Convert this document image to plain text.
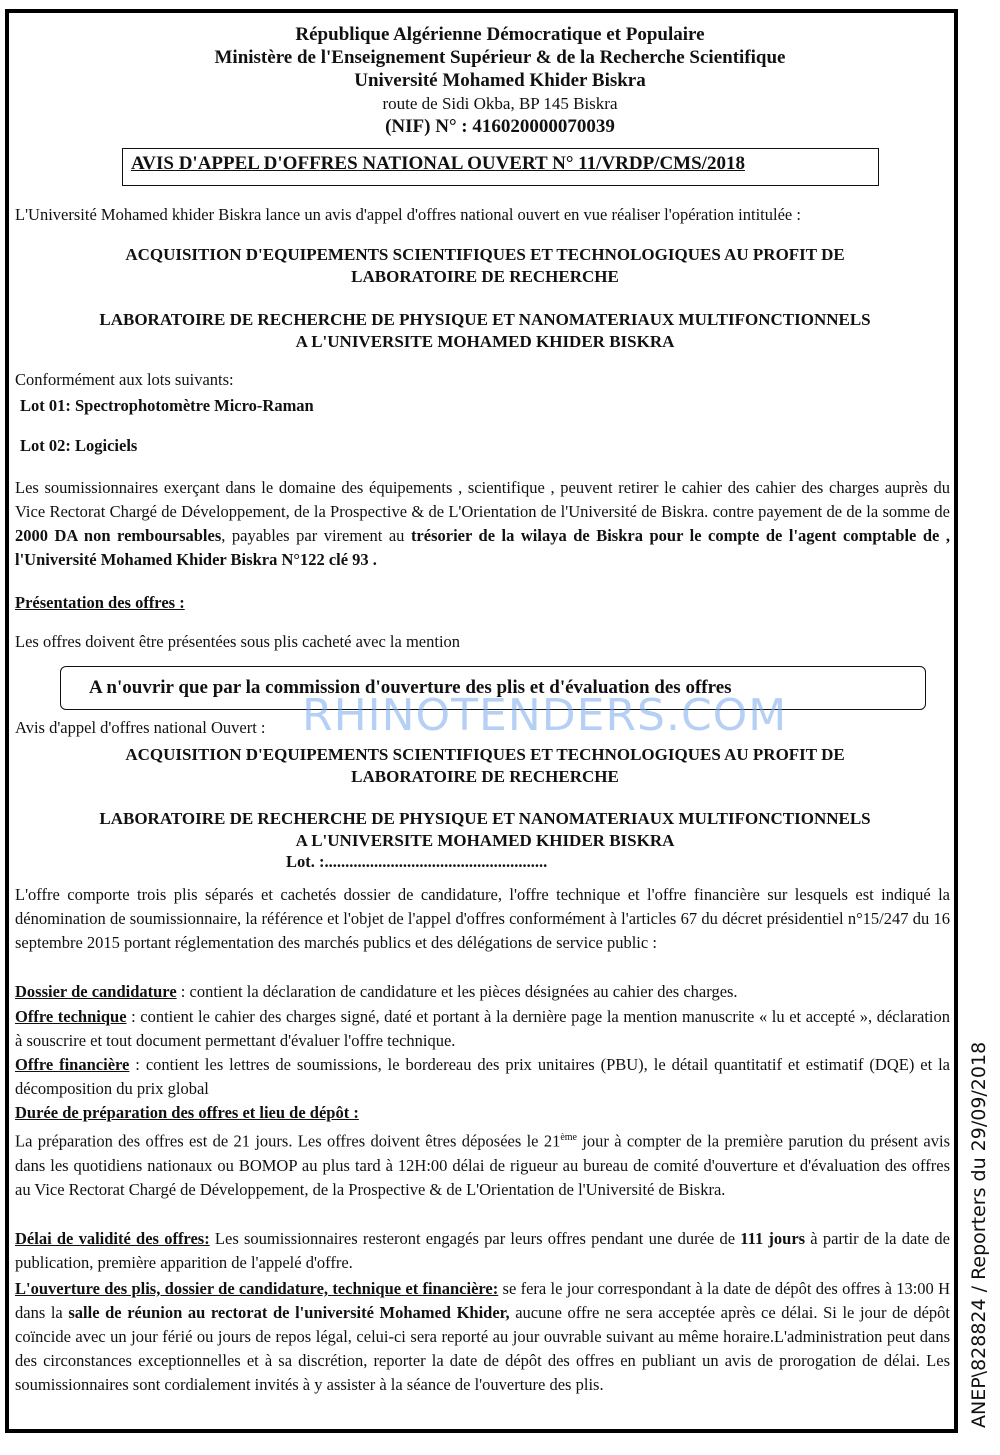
République Algérienne Démocratique et Populaire
Ministère de l'Enseignement Supérieur & de la Recherche Scientifique
Université Mohamed Khider Biskra
route de Sidi Okba, BP 145 Biskra
(NIF) N° : 416020000070039
AVIS D'APPEL D'OFFRES NATIONAL OUVERT N° 11/VRDP/CMS/2018
L'Université Mohamed khider Biskra lance un avis d'appel d'offres national ouvert en vue réaliser l'opération intitulée :
ACQUISITION D'EQUIPEMENTS SCIENTIFIQUES ET TECHNOLOGIQUES AU PROFIT DE
LABORATOIRE DE RECHERCHE
LABORATOIRE DE RECHERCHE DE PHYSIQUE ET NANOMATERIAUX MULTIFONCTIONNELS
A L'UNIVERSITE MOHAMED KHIDER BISKRA
Conformément aux lots suivants:
Lot 01: Spectrophotomètre Micro-Raman
Lot 02: Logiciels
Les soumissionnaires exerçant dans le domaine des équipements , scientifique , peuvent retirer le cahier des cahier des charges auprès du Vice Rectorat Chargé de Développement, de la Prospective & de L'Orientation de l'Université de Biskra. contre payement de de la somme de 2000 DA non remboursables, payables par virement au trésorier de la wilaya de Biskra pour le compte de l'agent comptable de , l'Université Mohamed Khider Biskra N°122 clé 93 .
Présentation des offres :
Les offres doivent être présentées sous plis cacheté avec la mention
A n'ouvrir que par la commission d'ouverture des plis et d'évaluation des offres
Avis d'appel d'offres national Ouvert :
ACQUISITION D'EQUIPEMENTS SCIENTIFIQUES ET TECHNOLOGIQUES AU PROFIT DE
LABORATOIRE DE RECHERCHE
LABORATOIRE DE RECHERCHE DE PHYSIQUE ET NANOMATERIAUX MULTIFONCTIONNELS
A L'UNIVERSITE MOHAMED KHIDER BISKRA
Lot. :......................................................
RHINOTENDERS.COM
L'offre comporte trois plis séparés et cachetés dossier de candidature, l'offre technique et l'offre financière sur lesquels est indiqué la dénomination de soumissionnaire, la référence et l'objet de l'appel d'offres conformément à l'articles 67 du décret présidentiel n°15/247 du 16 septembre 2015 portant réglementation des marchés publics et des délégations de service public :
Dossier de candidature : contient la déclaration de candidature et les pièces désignées au cahier des charges.
Offre technique : contient le cahier des charges signé, daté et portant à la dernière page la mention manuscrite « lu et accepté », déclaration à souscrire et tout document permettant d'évaluer l'offre technique.
Offre financière : contient les lettres de soumissions, le bordereau des prix unitaires (PBU), le détail quantitatif et estimatif (DQE) et la décomposition du prix global
Durée de préparation des offres et lieu de dépôt :
La préparation des offres est de 21 jours. Les offres doivent êtres déposées le 21ème jour à compter de la première parution du présent avis dans les quotidiens nationaux ou BOMOP au plus tard à 12H:00 délai de rigueur au bureau de comité d'ouverture et d'évaluation des offres au Vice Rectorat Chargé de Développement, de la Prospective & de L'Orientation de l'Université de Biskra.
Délai de validité des offres: Les soumissionnaires resteront engagés par leurs offres pendant une durée de 111 jours à partir de la date de publication, première apparition de l'appelé d'offre.
L'ouverture des plis, dossier de candidature, technique et financière: se fera le jour correspondant à la date de dépôt des offres à 13:00 H dans la salle de réunion au rectorat de l'université Mohamed Khider, aucune offre ne sera acceptée après ce délai. Si le jour de dépôt coïncide avec un jour férié ou jours de repos légal, celui-ci sera reporté au jour ouvrable suivant au même horaire.L'administration peut dans des circonstances exceptionnelles et à sa discrétion, reporter la date de dépôt des offres en publiant un avis de prorogation de délai. Les soumissionnaires sont cordialement invités à y assister à la séance de l'ouverture des plis.	ANEP\828824 / Reporters du 29/09/2018
